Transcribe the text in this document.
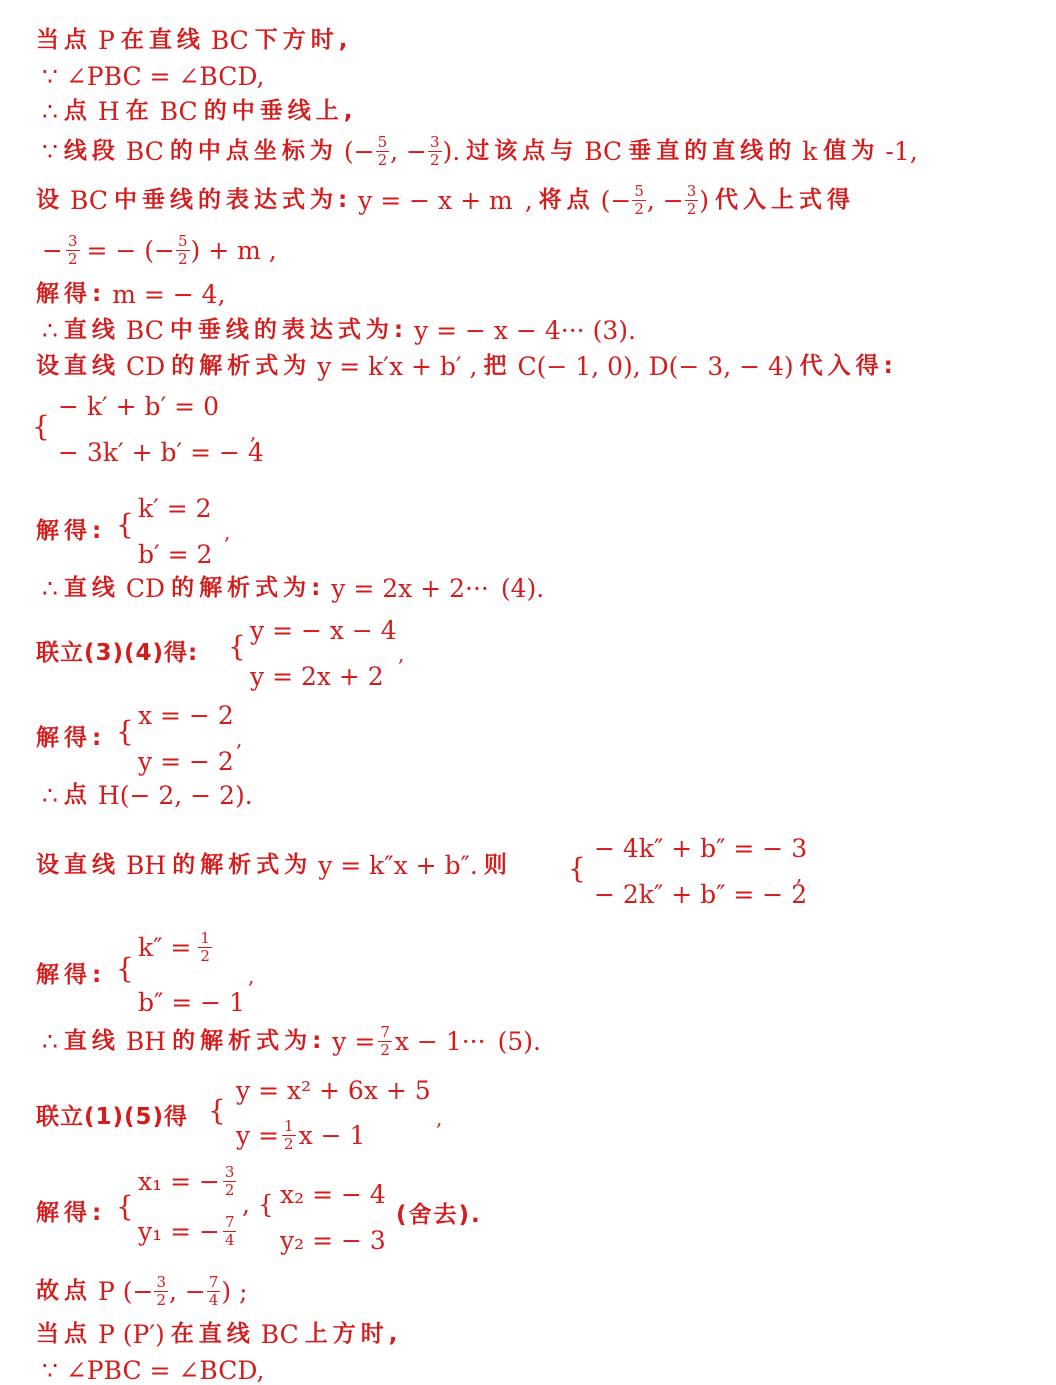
当点 P 在直线 BC 下方时,
∵ ∠PBC = ∠BCD,
∴ 点 H 在 BC 的中垂线上,
∵ 线段 BC 的中点坐标为 (− $\frac{5}{2}$ , − $\frac{3}{2}$ ). 过该点与 BC 垂直的直线的 k 值为 -1,
设 BC 中垂线的表达式为: y = − x + m , 将点 (− $\frac{5}{2}$ , − $\frac{3}{2}$ ) 代入上式得
− $\frac{3}{2}$ = − (− $\frac{5}{2}$ ) + m ,
解得: m = − 4,
∴ 直线 BC 中垂线的表达式为: y = − x − 4··· (3).
设直线 CD 的解析式为 y = k′x + b′ , 把 C(− 1, 0), D(− 3, − 4) 代入得:
{
− k′ + b′ = 0
− 3k′ + b′ = − 4
,
解得: { k′ = 2
b′ = 2
,
∴ 直线 CD 的解析式为: y = 2x + 2··· (4).
联立(3)(4)得: { y = − x − 4
y = 2x + 2
,
解得: { x = − 2
y = − 2
,
∴ 点 H(− 2, − 2).
设直线 BH 的解析式为 y = k″x + b″. 则 {
− 4k″ + b″ = − 3
− 2k″ + b″ = − 2
,
解得: {
$k'' = \frac{1}{2}$
b″ = − 1
,
∴ 直线 BH 的解析式为: $y = \frac{7}{2}$ x − 1··· (5).
联立(1)(5)得 {
y = x² + 6x + 5
$y = \frac{1}{2}$ x − 1
,
解得: {
x₁ = − $\frac{3}{2}$
y₁ = − $\frac{7}{4}$
, { x₂ = − 4
y₂ = − 3
(舍去).
故点 P (− $\frac{3}{2}$ , − $\frac{7}{4}$ ) ;
当点 P (P′) 在直线 BC 上方时,
∵ ∠PBC = ∠BCD,
